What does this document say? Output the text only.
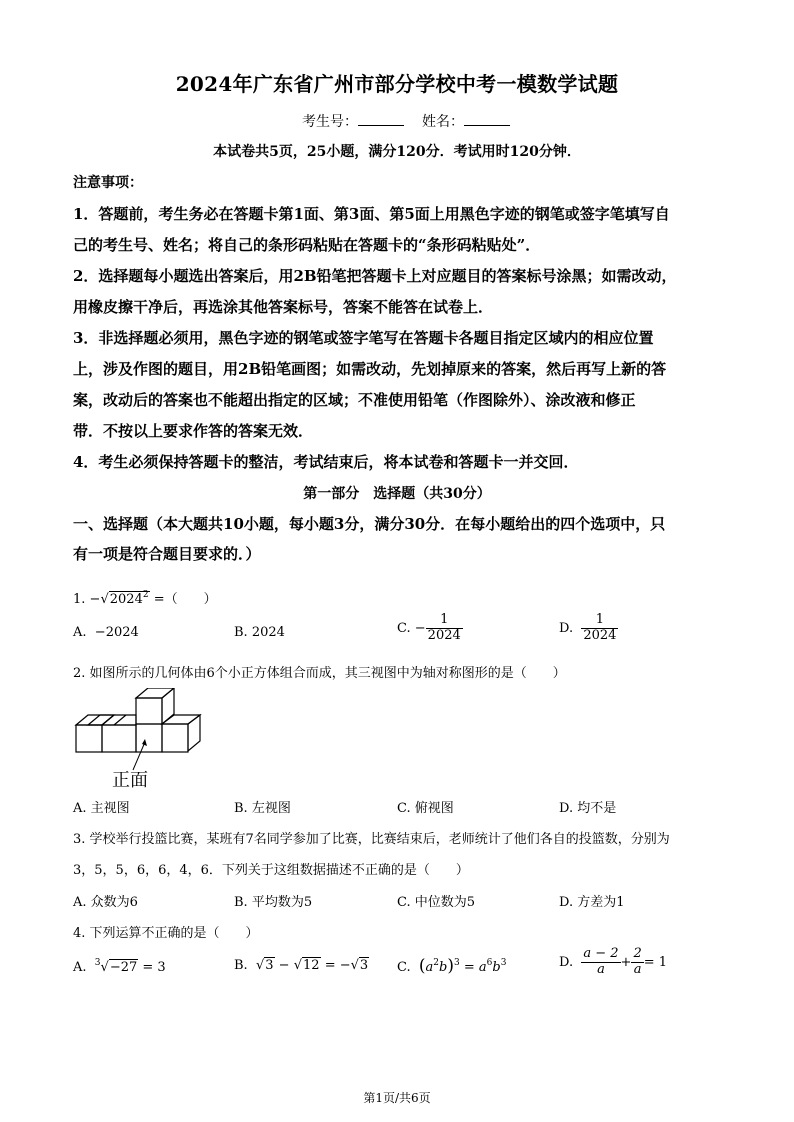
2024年广东省广州市部分学校中考一模数学试题
考生号：	姓名：
本试卷共5页，25小题，满分120分．考试用时120分钟．
注意事项：
1．答题前，考生务必在答题卡第1面、第3面、第5面上用黑色字迹的钢笔或签字笔填写自
己的考生号、姓名；将自己的条形码粘贴在答题卡的“条形码粘贴处”．
2．选择题每小题选出答案后，用2B铅笔把答题卡上对应题目的答案标号涂黑；如需改动，
用橡皮擦干净后，再选涂其他答案标号，答案不能答在试卷上．
3．非选择题必须用，黑色字迹的钢笔或签字笔写在答题卡各题目指定区域内的相应位置
上，涉及作图的题目，用2B铅笔画图；如需改动，先划掉原来的答案，然后再写上新的答
案，改动后的答案也不能超出指定的区域；不准使用铅笔（作图除外）、涂改液和修正
带．不按以上要求作答的答案无效．
4．考生必须保持答题卡的整洁，考试结束后，将本试卷和答题卡一并交回．
第一部分　选择题（共30分）
一、选择题（本大题共10小题，每小题3分，满分30分．在每小题给出的四个选项中，只
有一项是符合题目要求的．）
1. $-√2024^2$ =（　　）
A. −2024	B. 2024	C. − $\frac{1}{2024}$	D. $\frac{1}{2024}$
2. 如图所示的几何体由6个小正方体组合而成，其三视图中为轴对称图形的是（　　）
正面
A. 主视图	B. 左视图	C. 俯视图	D. 均不是
3. 学校举行投篮比赛，某班有7名同学参加了比赛，比赛结束后，老师统计了他们各自的投篮数，分别为
3，5，5，6，6，4，6．下列关于这组数据描述不正确的是（　　）
A. 众数为6	B. 平均数为5	C. 中位数为5	D. 方差为1
4. 下列运算不正确的是（　　）
A. $^3$√−27 = 3	B. √3 − √12 = −√3 C. $(a^2b)^3 = a^6b^3$	D. $\frac{a - 2}{a} + \frac{2}{a} = 1$
第1页/共6页
